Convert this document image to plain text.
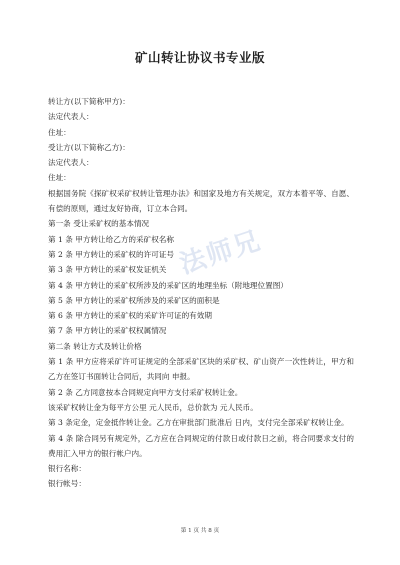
法师兄
矿山转让协议书专业版

转让方(以下简称甲方)：

法定代表人：

住址：

受让方(以下简称乙方)：

法定代表人：

住址：

根据国务院《探矿权采矿权转让管理办法》和国家及地方有关规定，双方本着平等、自愿、有偿的原则，通过友好协商，订立本合同。

第一条 受让采矿权的基本情况

第 1 条 甲方转让给乙方的采矿权名称

第 2 条 甲方转让的采矿权的许可证号

第 3 条 甲方转让的采矿权发证机关

第 4 条 甲方转让的采矿权所涉及的采矿区的地理坐标（附地理位置图）

第 5 条 甲方转让的采矿权所涉及的采矿区的面积是

第 6 条 甲方转让的采矿权的采矿许可证的有效期

第 7 条 甲方转让的采矿权权属情况

第二条 转让方式及转让价格

第 1 条 甲方应将采矿许可证规定的全部采矿区块的采矿权、矿山资产一次性转让，甲方和乙方在签订书面转让合同后，共同向 申报。

第 2 条 乙方同意按本合同规定向甲方支付采矿权转让金。

该采矿权转让金为每平方公里 元人民币，总价款为 元人民币。

第 3 条定金，定金抵作转让金。乙方在审批部门批准后 日内，支付完全部采矿权转让金。

第 4 条 除合同另有规定外，乙方应在合同规定的付款日或付款日之前，将合同要求支付的费用汇入甲方的银行帐户内。

银行名称：

银行帐号：

第 1 页 共 8 页
